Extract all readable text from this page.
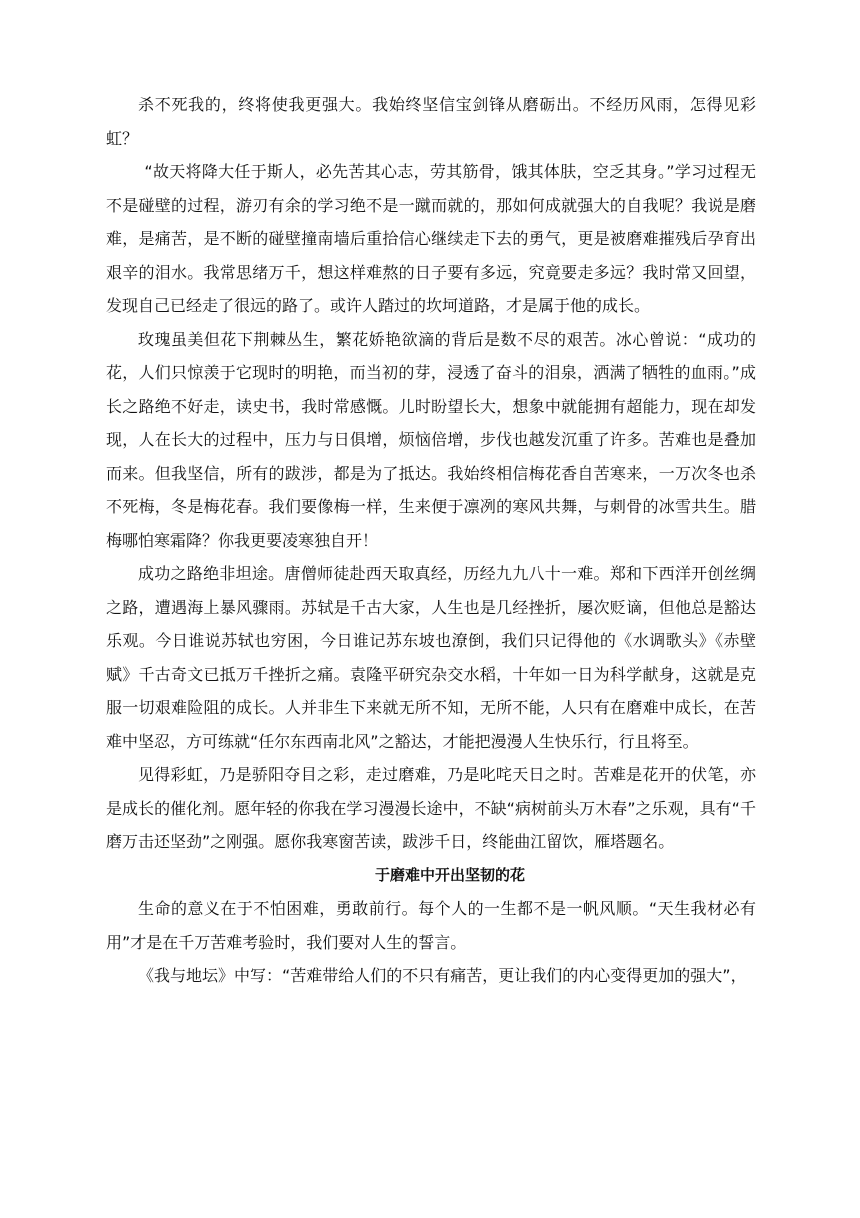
杀不死我的，终将使我更强大。我始终坚信宝剑锋从磨砺出。不经历风雨，怎得见彩虹？

“故天将降大任于斯人，必先苦其心志，劳其筋骨，饿其体肤，空乏其身。”学习过程无不是碰壁的过程，游刃有余的学习绝不是一蹴而就的，那如何成就强大的自我呢？我说是磨难，是痛苦，是不断的碰壁撞南墙后重拾信心继续走下去的勇气，更是被磨难摧残后孕育出艰辛的泪水。我常思绪万千，想这样难熬的日子要有多远，究竟要走多远？我时常又回望，发现自己已经走了很远的路了。或许人踏过的坎坷道路，才是属于他的成长。

玫瑰虽美但花下荆棘丛生，繁花娇艳欲滴的背后是数不尽的艰苦。冰心曾说：“成功的花，人们只惊羡于它现时的明艳，而当初的芽，浸透了奋斗的泪泉，洒满了牺牲的血雨。”成长之路绝不好走，读史书，我时常感慨。儿时盼望长大，想象中就能拥有超能力，现在却发现，人在长大的过程中，压力与日俱增，烦恼倍增，步伐也越发沉重了许多。苦难也是叠加而来。但我坚信，所有的跋涉，都是为了抵达。我始终相信梅花香自苦寒来，一万次冬也杀不死梅，冬是梅花春。我们要像梅一样，生来便于凛冽的寒风共舞，与刺骨的冰雪共生。腊梅哪怕寒霜降？你我更要凌寒独自开！

成功之路绝非坦途。唐僧师徒赴西天取真经，历经九九八十一难。郑和下西洋开创丝绸之路，遭遇海上暴风骤雨。苏轼是千古大家，人生也是几经挫折，屡次贬谪，但他总是豁达乐观。今日谁说苏轼也穷困，今日谁记苏东坡也潦倒，我们只记得他的《水调歌头》《赤壁赋》千古奇文已抵万千挫折之痛。袁隆平研究杂交水稻，十年如一日为科学献身，这就是克服一切艰难险阻的成长。人并非生下来就无所不知，无所不能，人只有在磨难中成长，在苦难中坚忍，方可练就“任尔东西南北风”之豁达，才能把漫漫人生快乐行，行且将至。

见得彩虹，乃是骄阳夺目之彩，走过磨难，乃是叱咤天日之时。苦难是花开的伏笔，亦是成长的催化剂。愿年轻的你我在学习漫漫长途中，不缺“病树前头万木春”之乐观，具有“千磨万击还坚劲”之刚强。愿你我寒窗苦读，跋涉千日，终能曲江留饮，雁塔题名。

于磨难中开出坚韧的花

生命的意义在于不怕困难，勇敢前行。每个人的一生都不是一帆风顺。“天生我材必有用”才是在千万苦难考验时，我们要对人生的誓言。

《我与地坛》中写：“苦难带给人们的不只有痛苦，更让我们的内心变得更加的强大”，
